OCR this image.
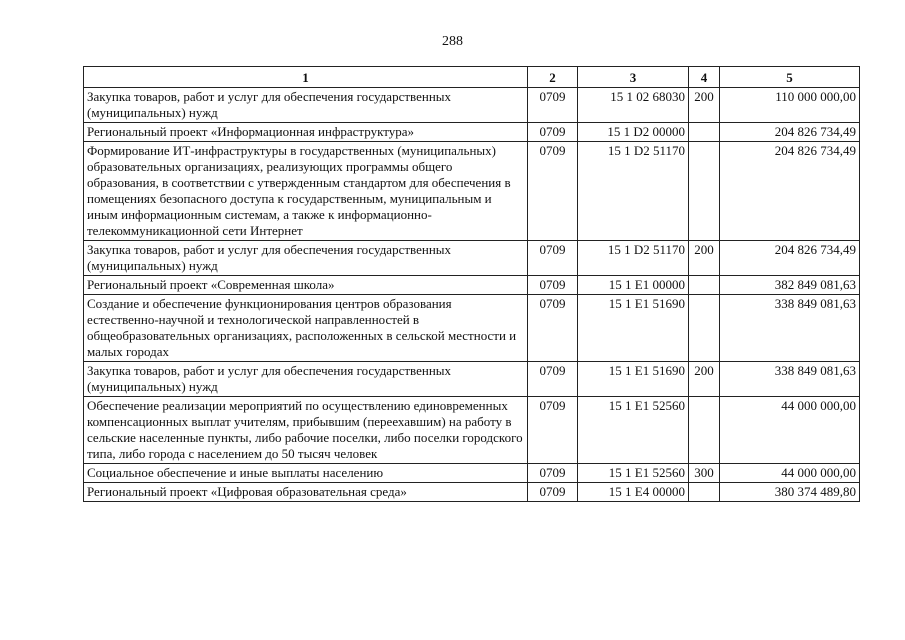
288
1	2	3	4	5
Закупка товаров, работ и услуг для обеспечения государственных (муниципальных) нужд	0709	15 1 02 68030	200	110 000 000,00
Региональный проект «Информационная инфраструктура»	0709	15 1 D2 00000		204 826 734,49
Формирование ИТ-инфраструктуры в государственных (муниципальных) образовательных организациях, реализующих программы общего образования, в соответствии с утвержденным стандартом для обеспечения в помещениях безопасного доступа к государственным, муниципальным и иным информационным системам, а также к информационно-телекоммуникационной сети Интернет	0709	15 1 D2 51170		204 826 734,49
Закупка товаров, работ и услуг для обеспечения государственных (муниципальных) нужд	0709	15 1 D2 51170	200	204 826 734,49
Региональный проект «Современная школа»	0709	15 1 E1 00000		382 849 081,63
Создание и обеспечение функционирования центров образования естественно-научной и технологической направленностей в общеобразовательных организациях, расположенных в сельской местности и малых городах	0709	15 1 E1 51690		338 849 081,63
Закупка товаров, работ и услуг для обеспечения государственных (муниципальных) нужд	0709	15 1 E1 51690	200	338 849 081,63
Обеспечение реализации мероприятий по осуществлению единовременных компенсационных выплат учителям, прибывшим (переехавшим) на работу в сельские населенные пункты, либо рабочие поселки, либо поселки городского типа, либо города с населением до 50 тысяч человек	0709	15 1 E1 52560		44 000 000,00
Социальное обеспечение и иные выплаты населению	0709	15 1 E1 52560	300	44 000 000,00
Региональный проект «Цифровая образовательная среда»	0709	15 1 E4 00000		380 374 489,80
